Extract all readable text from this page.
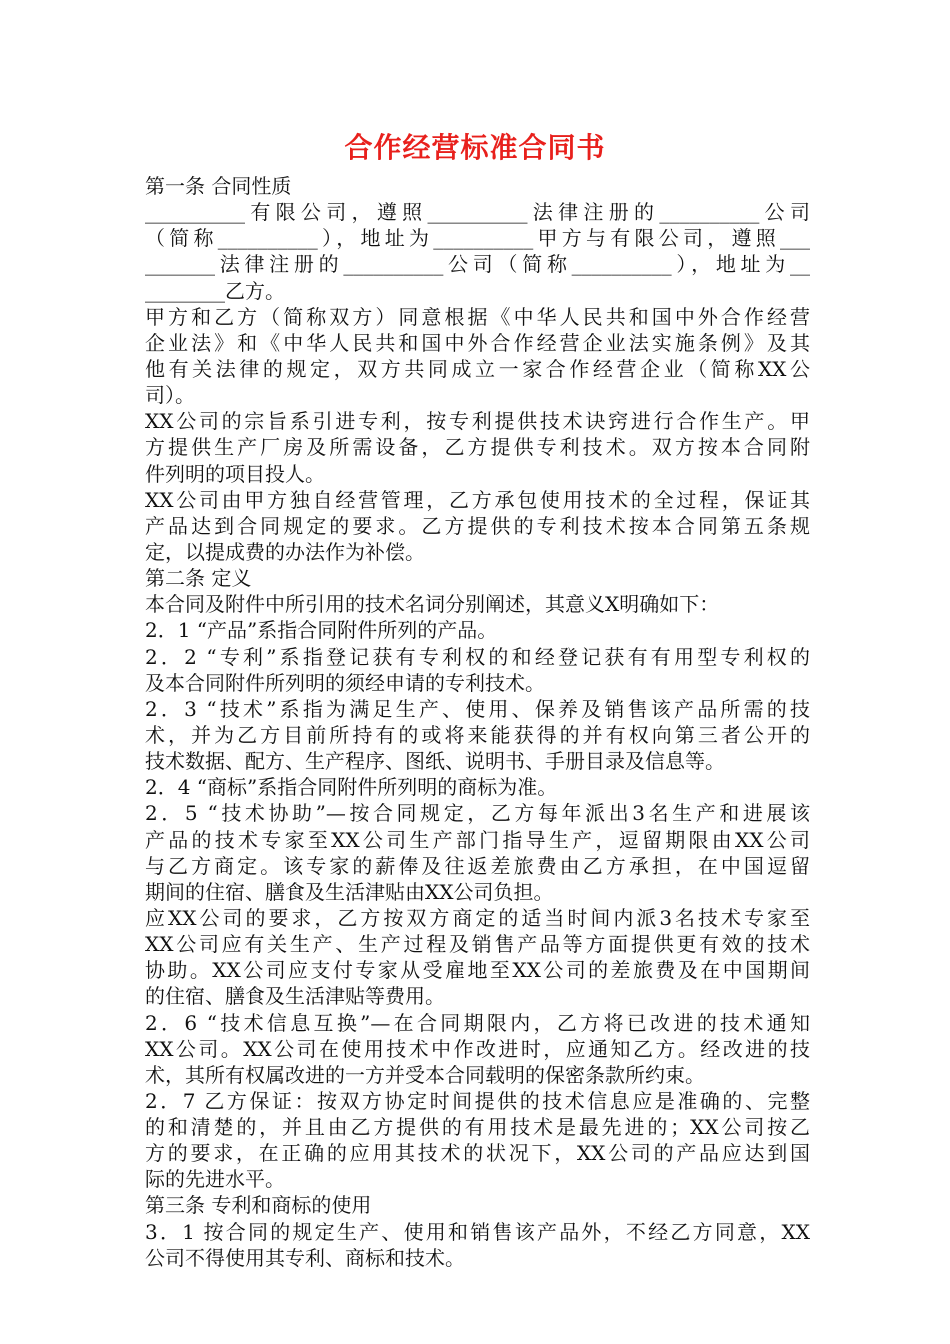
合作经营标准合同书
第一条 合同性质
__________有限公司，遵照__________法律注册的__________公司
（简称__________），地址为__________甲方与有限公司，遵照___
_______法律注册的__________公司（简称__________），地址为__
________乙方。
甲方和乙方（简称双方）同意根据《中华人民共和国中外合作经营
企业法》和《中华人民共和国中外合作经营企业法实施条例》及其
他有关法律的规定，双方共同成立一家合作经营企业（简称XX公
司）。
XX公司的宗旨系引进专利，按专利提供技术诀窍进行合作生产。甲
方提供生产厂房及所需设备，乙方提供专利技术。双方按本合同附
件列明的项目投人。
XX公司由甲方独自经营管理，乙方承包使用技术的全过程，保证其
产品达到合同规定的要求。乙方提供的专利技术按本合同第五条规
定，以提成费的办法作为补偿。
第二条 定义
本合同及附件中所引用的技术名词分别阐述，其意义X明确如下：
2．1 “产品”系指合同附件所列的产品。
2．2 “专利”系指登记获有专利权的和经登记获有有用型专利权的
及本合同附件所列明的须经申请的专利技术。
2．3 “技术”系指为满足生产、使用、保养及销售该产品所需的技
术，并为乙方目前所持有的或将来能获得的并有权向第三者公开的
技术数据、配方、生产程序、图纸、说明书、手册目录及信息等。
2．4 “商标”系指合同附件所列明的商标为准。
2．5 “技术协助”—按合同规定，乙方每年派出3名生产和进展该
产品的技术专家至XX公司生产部门指导生产，逗留期限由XX公司
与乙方商定。该专家的薪俸及往返差旅费由乙方承担，在中国逗留
期间的住宿、膳食及生活津贴由XX公司负担。
应XX公司的要求，乙方按双方商定的适当时间内派3名技术专家至
XX公司应有关生产、生产过程及销售产品等方面提供更有效的技术
协助。XX公司应支付专家从受雇地至XX公司的差旅费及在中国期间
的住宿、膳食及生活津贴等费用。
2．6 “技术信息互换”—在合同期限内，乙方将已改进的技术通知
XX公司。XX公司在使用技术中作改进时，应通知乙方。经改进的技
术，其所有权属改进的一方并受本合同载明的保密条款所约束。
2．7 乙方保证：按双方协定时间提供的技术信息应是准确的、完整
的和清楚的，并且由乙方提供的有用技术是最先进的；XX公司按乙
方的要求，在正确的应用其技术的状况下，XX公司的产品应达到国
际的先进水平。
第三条 专利和商标的使用
3．1 按合同的规定生产、使用和销售该产品外，不经乙方同意，XX
公司不得使用其专利、商标和技术。
